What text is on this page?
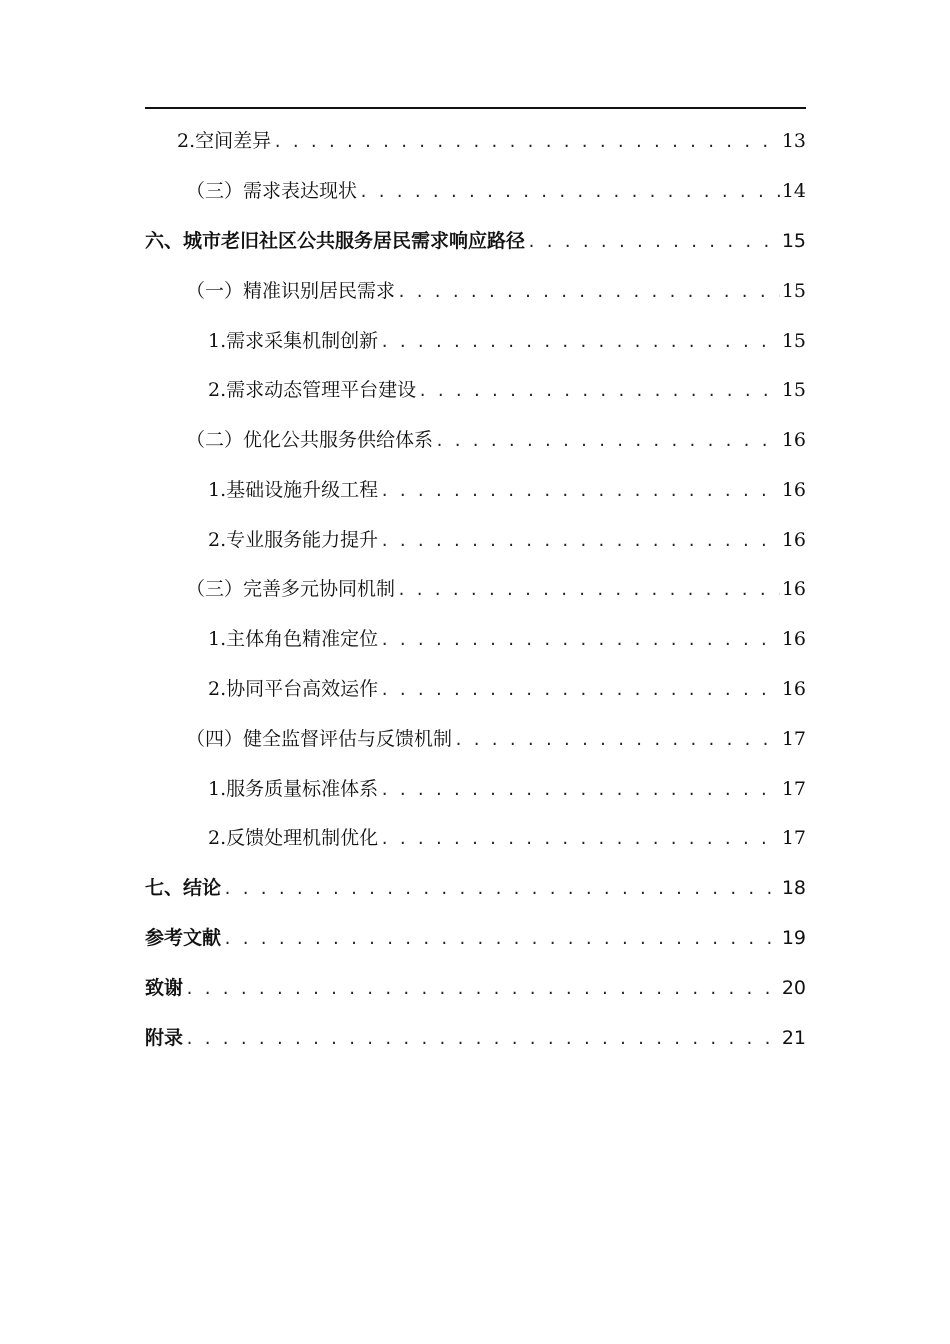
2.空间差异 . . .	13
（三）需求表达现状 . . .	14
六、城市老旧社区公共服务居民需求响应路径 . . .	15
（一）精准识别居民需求 . . .	15
1.需求采集机制创新 . . .	15
2.需求动态管理平台建设 . . .	15
（二）优化公共服务供给体系 . . .	16
1.基础设施升级工程 . . .	16
2.专业服务能力提升 . . .	16
（三）完善多元协同机制 . . .	16
1.主体角色精准定位 . . .	16
2.协同平台高效运作 . . .	16
（四）健全监督评估与反馈机制 . . .	17
1.服务质量标准体系 . . .	17
2.反馈处理机制优化 . . .	17
七、结论 . . .	18
参考文献 . . .	19
致谢 . . .	20
附录 . . .	21
